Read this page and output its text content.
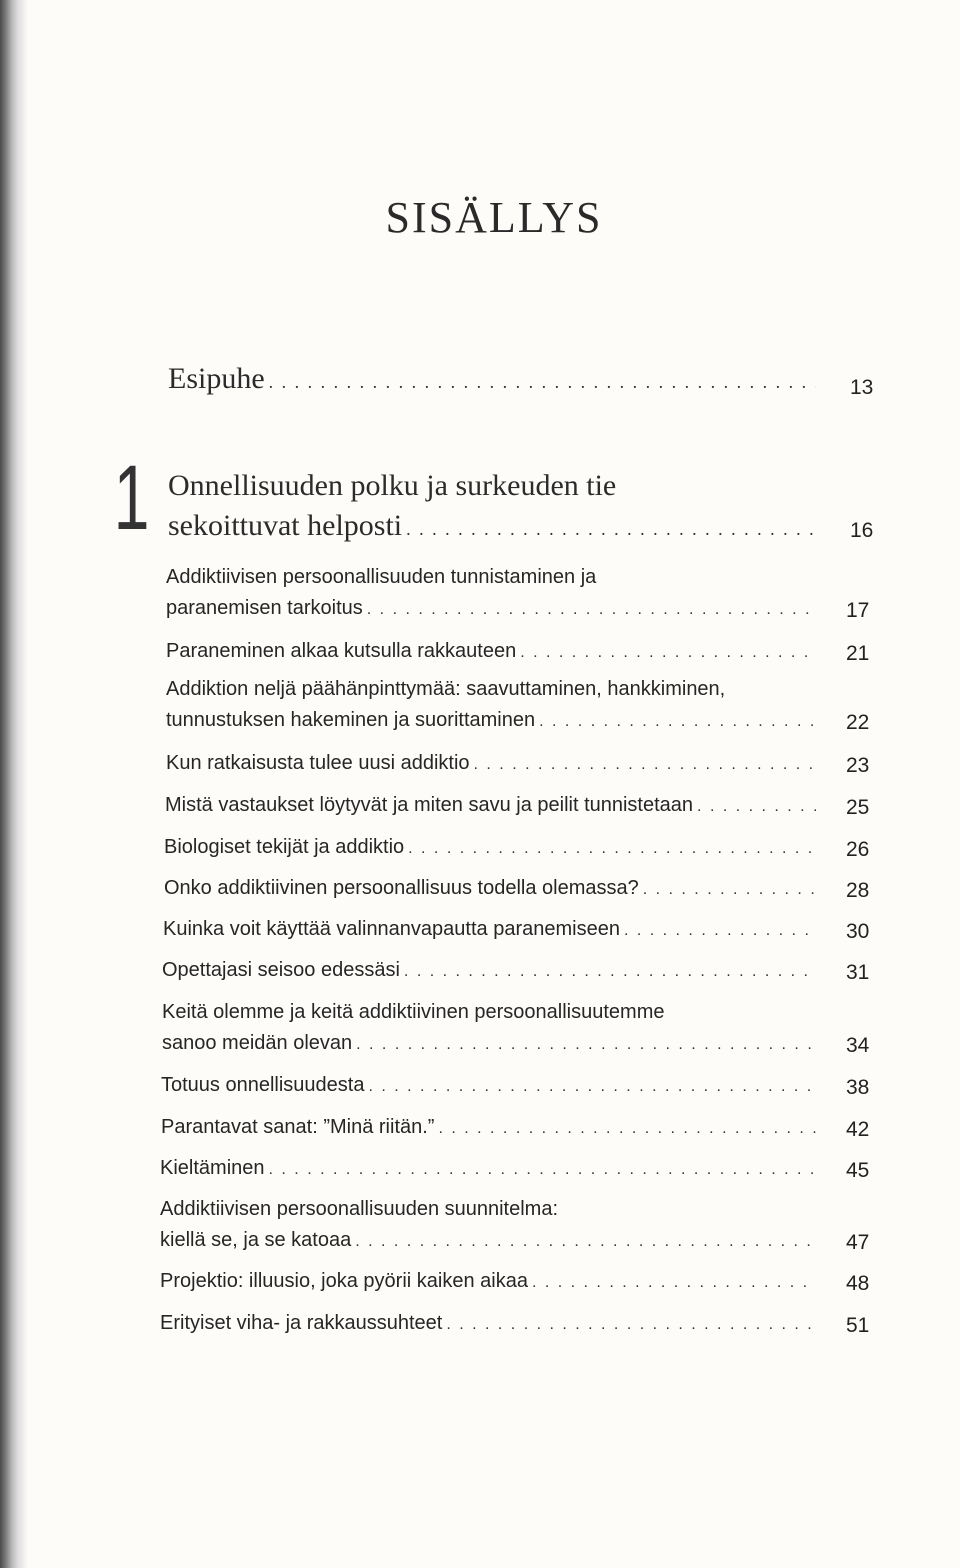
SISÄLLYS
Esipuhe . . .	13
1 Onnellisuuden polku ja surkeuden tie
sekoittuvat helposti . . .	16
Addiktiivisen persoonallisuuden tunnistaminen ja
paranemisen tarkoitus . . .	17
Paraneminen alkaa kutsulla rakkauteen . . .	21
Addiktion neljä päähänpinttymää: saavuttaminen, hankkiminen,
tunnustuksen hakeminen ja suorittaminen . . .	22
Kun ratkaisusta tulee uusi addiktio . . .	23
Mistä vastaukset löytyvät ja miten savu ja peilit tunnistetaan . . .	25
Biologiset tekijät ja addiktio . . .	26
Onko addiktiivinen persoonallisuus todella olemassa? . . .	28
Kuinka voit käyttää valinnanvapautta paranemiseen . . .	30
Opettajasi seisoo edessäsi . . .	31
Keitä olemme ja keitä addiktiivinen persoonallisuutemme
sanoo meidän olevan . . .	34
Totuus onnellisuudesta . . .	38
Parantavat sanat: ”Minä riitän.” . . .	42
Kieltäminen . . .	45
Addiktiivisen persoonallisuuden suunnitelma:
kiellä se, ja se katoaa . . .	47
Projektio: illuusio, joka pyörii kaiken aikaa . . .	48
Erityiset viha- ja rakkaussuhteet . . .	51
